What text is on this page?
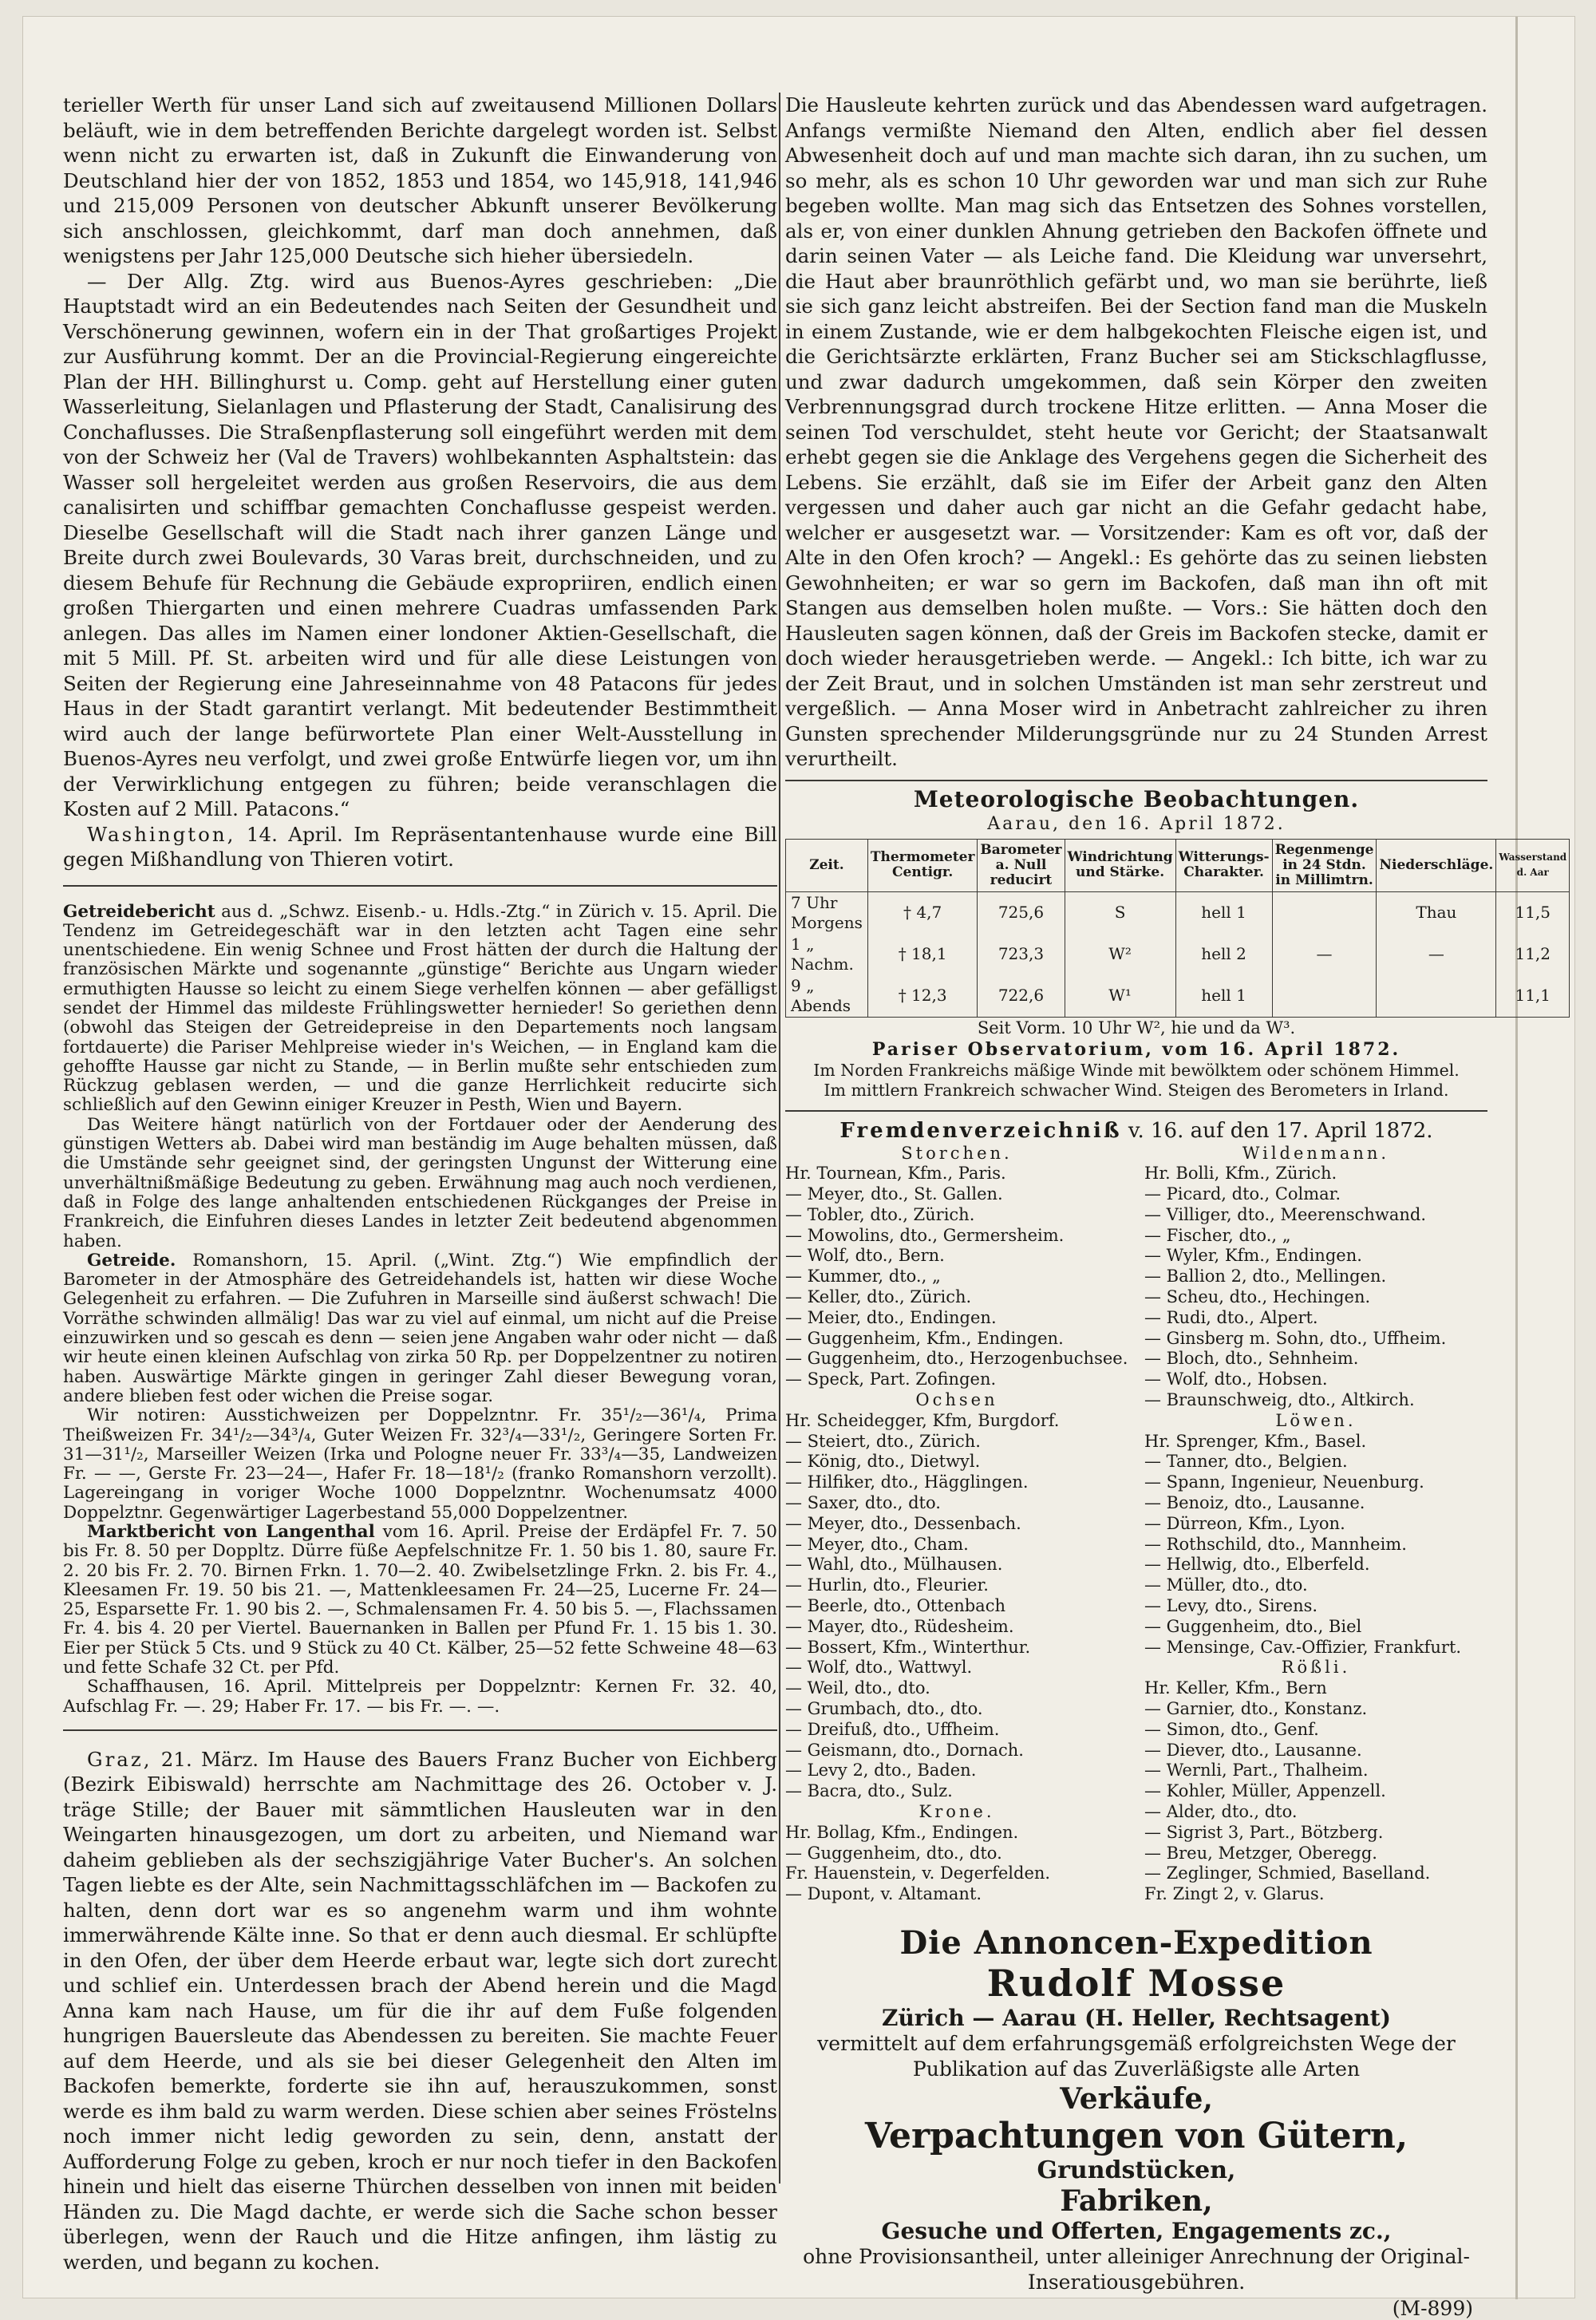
terieller Werth für unser Land sich auf zweitausend Millionen Dollars beläuft, wie in dem betreffenden Berichte dargelegt worden ist. Selbst wenn nicht zu erwarten ist, daß in Zukunft die Einwanderung von Deutschland hier der von 1852, 1853 und 1854, wo 145,918, 141,946 und 215,009 Personen von deutscher Abkunft unserer Bevölkerung sich anschlossen, gleichkommt, darf man doch annehmen, daß wenigstens per Jahr 125,000 Deutsche sich hieher übersiedeln.

— Der Allg. Ztg. wird aus Buenos-Ayres geschrieben: „Die Hauptstadt wird an ein Bedeutendes nach Seiten der Gesundheit und Verschönerung gewinnen, wofern ein in der That großartiges Projekt zur Ausführung kommt. Der an die Provincial-Regierung eingereichte Plan der HH. Billinghurst u. Comp. geht auf Herstellung einer guten Wasserleitung, Sielanlagen und Pflasterung der Stadt, Canalisirung des Conchaflusses. Die Straßenpflasterung soll eingeführt werden mit dem von der Schweiz her (Val de Travers) wohlbekannten Asphaltstein: das Wasser soll hergeleitet werden aus großen Reservoirs, die aus dem canalisirten und schiffbar gemachten Conchaflusse gespeist werden. Dieselbe Gesellschaft will die Stadt nach ihrer ganzen Länge und Breite durch zwei Boulevards, 30 Varas breit, durchschneiden, und zu diesem Behufe für Rechnung die Gebäude expropriiren, endlich einen großen Thiergarten und einen mehrere Cuadras umfassenden Park anlegen. Das alles im Namen einer londoner Aktien-Gesellschaft, die mit 5 Mill. Pf. St. arbeiten wird und für alle diese Leistungen von Seiten der Regierung eine Jahreseinnahme von 48 Patacons für jedes Haus in der Stadt garantirt verlangt. Mit bedeutender Bestimmtheit wird auch der lange befürwortete Plan einer Welt-Ausstellung in Buenos-Ayres neu verfolgt, und zwei große Entwürfe liegen vor, um ihn der Verwirklichung entgegen zu führen; beide veranschlagen die Kosten auf 2 Mill. Patacons.“

Washington, 14. April. Im Repräsentantenhause wurde eine Bill gegen Mißhandlung von Thieren votirt.

Getreidebericht aus d. „Schwz. Eisenb.- u. Hdls.-Ztg.“ in Zürich v. 15. April. Die Tendenz im Getreidegeschäft war in den letzten acht Tagen eine sehr unentschiedene. Ein wenig Schnee und Frost hätten der durch die Haltung der französischen Märkte und sogenannte „günstige“ Berichte aus Ungarn wieder ermuthigten Hausse so leicht zu einem Siege verhelfen können — aber gefälligst sendet der Himmel das mildeste Frühlingswetter hernieder! So geriethen denn (obwohl das Steigen der Getreidepreise in den Departements noch langsam fortdauerte) die Pariser Mehlpreise wieder in's Weichen, — in England kam die gehoffte Hausse gar nicht zu Stande, — in Berlin mußte sehr entschieden zum Rückzug geblasen werden, — und die ganze Herrlichkeit reducirte sich schließlich auf den Gewinn einiger Kreuzer in Pesth, Wien und Bayern.

Das Weitere hängt natürlich von der Fortdauer oder der Aenderung des günstigen Wetters ab. Dabei wird man beständig im Auge behalten müssen, daß die Umstände sehr geeignet sind, der geringsten Ungunst der Witterung eine unverhältnißmäßige Bedeutung zu geben. Erwähnung mag auch noch verdienen, daß in Folge des lange anhaltenden entschiedenen Rückganges der Preise in Frankreich, die Einfuhren dieses Landes in letzter Zeit bedeutend abgenommen haben.

Getreide. Romanshorn, 15. April. („Wint. Ztg.“) Wie empfindlich der Barometer in der Atmosphäre des Getreidehandels ist, hatten wir diese Woche Gelegenheit zu erfahren. — Die Zufuhren in Marseille sind äußerst schwach! Die Vorräthe schwinden allmälig! Das war zu viel auf einmal, um nicht auf die Preise einzuwirken und so gescah es denn — seien jene Angaben wahr oder nicht — daß wir heute einen kleinen Aufschlag von zirka 50 Rp. per Doppelzentner zu notiren haben. Auswärtige Märkte gingen in geringer Zahl dieser Bewegung voran, andere blieben fest oder wichen die Preise sogar.

Wir notiren: Ausstichweizen per Doppelzntnr. Fr. 35¹/₂—36¹/₄, Prima Theißweizen Fr. 34¹/₂—34³/₄, Guter Weizen Fr. 32³/₄—33¹/₂, Geringere Sorten Fr. 31—31¹/₂, Marseiller Weizen (Irka und Pologne neuer Fr. 33³/₄—35, Landweizen Fr. — —, Gerste Fr. 23—24—, Hafer Fr. 18—18¹/₂ (franko Romanshorn verzollt). Lagereingang in voriger Woche 1000 Doppelzntnr. Wochenumsatz 4000 Doppelztnr. Gegenwärtiger Lagerbestand 55,000 Doppelzentner.

Marktbericht von Langenthal vom 16. April. Preise der Erdäpfel Fr. 7. 50 bis Fr. 8. 50 per Doppltz. Dürre füße Aepfelschnitze Fr. 1. 50 bis 1. 80, saure Fr. 2. 20 bis Fr. 2. 70. Birnen Frkn. 1. 70—2. 40. Zwibelsetzlinge Frkn. 2. bis Fr. 4., Kleesamen Fr. 19. 50 bis 21. —, Mattenkleesamen Fr. 24—25, Lucerne Fr. 24—25, Esparsette Fr. 1. 90 bis 2. —, Schmalensamen Fr. 4. 50 bis 5. —, Flachssamen Fr. 4. bis 4. 20 per Viertel. Bauernanken in Ballen per Pfund Fr. 1. 15 bis 1. 30. Eier per Stück 5 Cts. und 9 Stück zu 40 Ct. Kälber, 25—52 fette Schweine 48—63 und fette Schafe 32 Ct. per Pfd.

Schaffhausen, 16. April. Mittelpreis per Doppelzntr: Kernen Fr. 32. 40, Aufschlag Fr. —. 29; Haber Fr. 17. — bis Fr. —. —.

Graz, 21. März. Im Hause des Bauers Franz Bucher von Eichberg (Bezirk Eibiswald) herrschte am Nachmittage des 26. October v. J. träge Stille; der Bauer mit sämmtlichen Hausleuten war in den Weingarten hinausgezogen, um dort zu arbeiten, und Niemand war daheim geblieben als der sechszigjährige Vater Bucher's. An solchen Tagen liebte es der Alte, sein Nachmittagsschläfchen im — Backofen zu halten, denn dort war es so angenehm warm und ihm wohnte immerwährende Kälte inne. So that er denn auch diesmal. Er schlüpfte in den Ofen, der über dem Heerde erbaut war, legte sich dort zurecht und schlief ein. Unterdessen brach der Abend herein und die Magd Anna kam nach Hause, um für die ihr auf dem Fuße folgenden hungrigen Bauersleute das Abendessen zu bereiten. Sie machte Feuer auf dem Heerde, und als sie bei dieser Gelegenheit den Alten im Backofen bemerkte, forderte sie ihn auf, herauszukommen, sonst werde es ihm bald zu warm werden. Diese schien aber seines Fröstelns noch immer nicht ledig geworden zu sein, denn, anstatt der Aufforderung Folge zu geben, kroch er nur noch tiefer in den Backofen hinein und hielt das eiserne Thürchen desselben von innen mit beiden Händen zu. Die Magd dachte, er werde sich die Sache schon besser überlegen, wenn der Rauch und die Hitze anfingen, ihm lästig zu werden, und begann zu kochen.

Die Hausleute kehrten zurück und das Abendessen ward aufgetragen. Anfangs vermißte Niemand den Alten, endlich aber fiel dessen Abwesenheit doch auf und man machte sich daran, ihn zu suchen, um so mehr, als es schon 10 Uhr geworden war und man sich zur Ruhe begeben wollte. Man mag sich das Entsetzen des Sohnes vorstellen, als er, von einer dunklen Ahnung getrieben den Backofen öffnete und darin seinen Vater — als Leiche fand. Die Kleidung war unversehrt, die Haut aber braunröthlich gefärbt und, wo man sie berührte, ließ sie sich ganz leicht abstreifen. Bei der Section fand man die Muskeln in einem Zustande, wie er dem halbgekochten Fleische eigen ist, und die Gerichtsärzte erklärten, Franz Bucher sei am Stickschlagflusse, und zwar dadurch umgekommen, daß sein Körper den zweiten Verbrennungsgrad durch trockene Hitze erlitten. — Anna Moser die seinen Tod verschuldet, steht heute vor Gericht; der Staatsanwalt erhebt gegen sie die Anklage des Vergehens gegen die Sicherheit des Lebens. Sie erzählt, daß sie im Eifer der Arbeit ganz den Alten vergessen und daher auch gar nicht an die Gefahr gedacht habe, welcher er ausgesetzt war. — Vorsitzender: Kam es oft vor, daß der Alte in den Ofen kroch? — Angekl.: Es gehörte das zu seinen liebsten Gewohnheiten; er war so gern im Backofen, daß man ihn oft mit Stangen aus demselben holen mußte. — Vors.: Sie hätten doch den Hausleuten sagen können, daß der Greis im Backofen stecke, damit er doch wieder herausgetrieben werde. — Angekl.: Ich bitte, ich war zu der Zeit Braut, und in solchen Umständen ist man sehr zerstreut und vergeßlich. — Anna Moser wird in Anbetracht zahlreicher zu ihren Gunsten sprechender Milderungsgründe nur zu 24 Stunden Arrest verurtheilt.

Meteorologische Beobachtungen.
Aarau, den 16. April 1872.
Zeit.	Thermometer Centigr.	Barometer a. Null reducirt	Windrichtung und Stärke.	Witterungs-Charakter.	Regenmenge in 24 Stdn. in Millimtrn.	Niederschläge.	Wasserstand d. Aar
7 Uhr Morgens	† 4,7	725,6	S	hell 1		Thau	11,5
1 „ Nachm.	† 18,1	723,3	W²	hell 2	—	—	11,2
9 „ Abends	† 12,3	722,6	W¹	hell 1			11,1
Seit Vorm. 10 Uhr W², hie und da W³.
Pariser Observatorium, vom 16. April 1872.
Im Norden Frankreichs mäßige Winde mit bewölktem oder schönem Himmel.
Im mittlern Frankreich schwacher Wind. Steigen des Berometers in Irland.
Fremdenverzeichniß v. 16. auf den 17. April 1872.
Storchen.
Hr. Tournean, Kfm., Paris.
— Meyer, dto., St. Gallen.
— Tobler, dto., Zürich.
— Mowolins, dto., Germersheim.
— Wolf, dto., Bern.
— Kummer, dto., „
— Keller, dto., Zürich.
— Meier, dto., Endingen.
— Guggenheim, Kfm., Endingen.
— Guggenheim, dto., Herzogenbuchsee.
— Speck, Part. Zofingen.
Ochsen
Hr. Scheidegger, Kfm, Burgdorf.
— Steiert, dto., Zürich.
— König, dto., Dietwyl.
— Hilfiker, dto., Hägglingen.
— Saxer, dto., dto.
— Meyer, dto., Dessenbach.
— Meyer, dto., Cham.
— Wahl, dto., Mülhausen.
— Hurlin, dto., Fleurier.
— Beerle, dto., Ottenbach
— Mayer, dto., Rüdesheim.
— Bossert, Kfm., Winterthur.
— Wolf, dto., Wattwyl.
— Weil, dto., dto.
— Grumbach, dto., dto.
— Dreifuß, dto., Uffheim.
— Geismann, dto., Dornach.
— Levy 2, dto., Baden.
— Bacra, dto., Sulz.
Krone.
Hr. Bollag, Kfm., Endingen.
— Guggenheim, dto., dto.
Fr. Hauenstein, v. Degerfelden.
— Dupont, v. Altamant.
Wildenmann.
Hr. Bolli, Kfm., Zürich.
— Picard, dto., Colmar.
— Villiger, dto., Meerenschwand.
— Fischer, dto., „
— Wyler, Kfm., Endingen.
— Ballion 2, dto., Mellingen.
— Scheu, dto., Hechingen.
— Rudi, dto., Alpert.
— Ginsberg m. Sohn, dto., Uffheim.
— Bloch, dto., Sehnheim.
— Wolf, dto., Hobsen.
— Braunschweig, dto., Altkirch.
Löwen.
Hr. Sprenger, Kfm., Basel.
— Tanner, dto., Belgien.
— Spann, Ingenieur, Neuenburg.
— Benoiz, dto., Lausanne.
— Dürreon, Kfm., Lyon.
— Rothschild, dto., Mannheim.
— Hellwig, dto., Elberfeld.
— Müller, dto., dto.
— Levy, dto., Sirens.
— Guggenheim, dto., Biel
— Mensinge, Cav.-Offizier, Frankfurt.
Rößli.
Hr. Keller, Kfm., Bern
— Garnier, dto., Konstanz.
— Simon, dto., Genf.
— Diever, dto., Lausanne.
— Wernli, Part., Thalheim.
— Kohler, Müller, Appenzell.
— Alder, dto., dto.
— Sigrist 3, Part., Bötzberg.
— Breu, Metzger, Oberegg.
— Zeglinger, Schmied, Baselland.
Fr. Zingt 2, v. Glarus.
Die Annoncen-Expedition
Rudolf Mosse
Zürich — Aarau (H. Heller, Rechtsagent)
vermittelt auf dem erfahrungsgemäß erfolgreichsten Wege der Publikation auf das Zuverläßigste alle Arten
Verkäufe,
Verpachtungen von Gütern,
Grundstücken,
Fabriken,
Gesuche und Offerten, Engagements zc.,
ohne Provisionsantheil, unter alleiniger Anrechnung der Original-Inseratiousgebühren.
(M-899)
